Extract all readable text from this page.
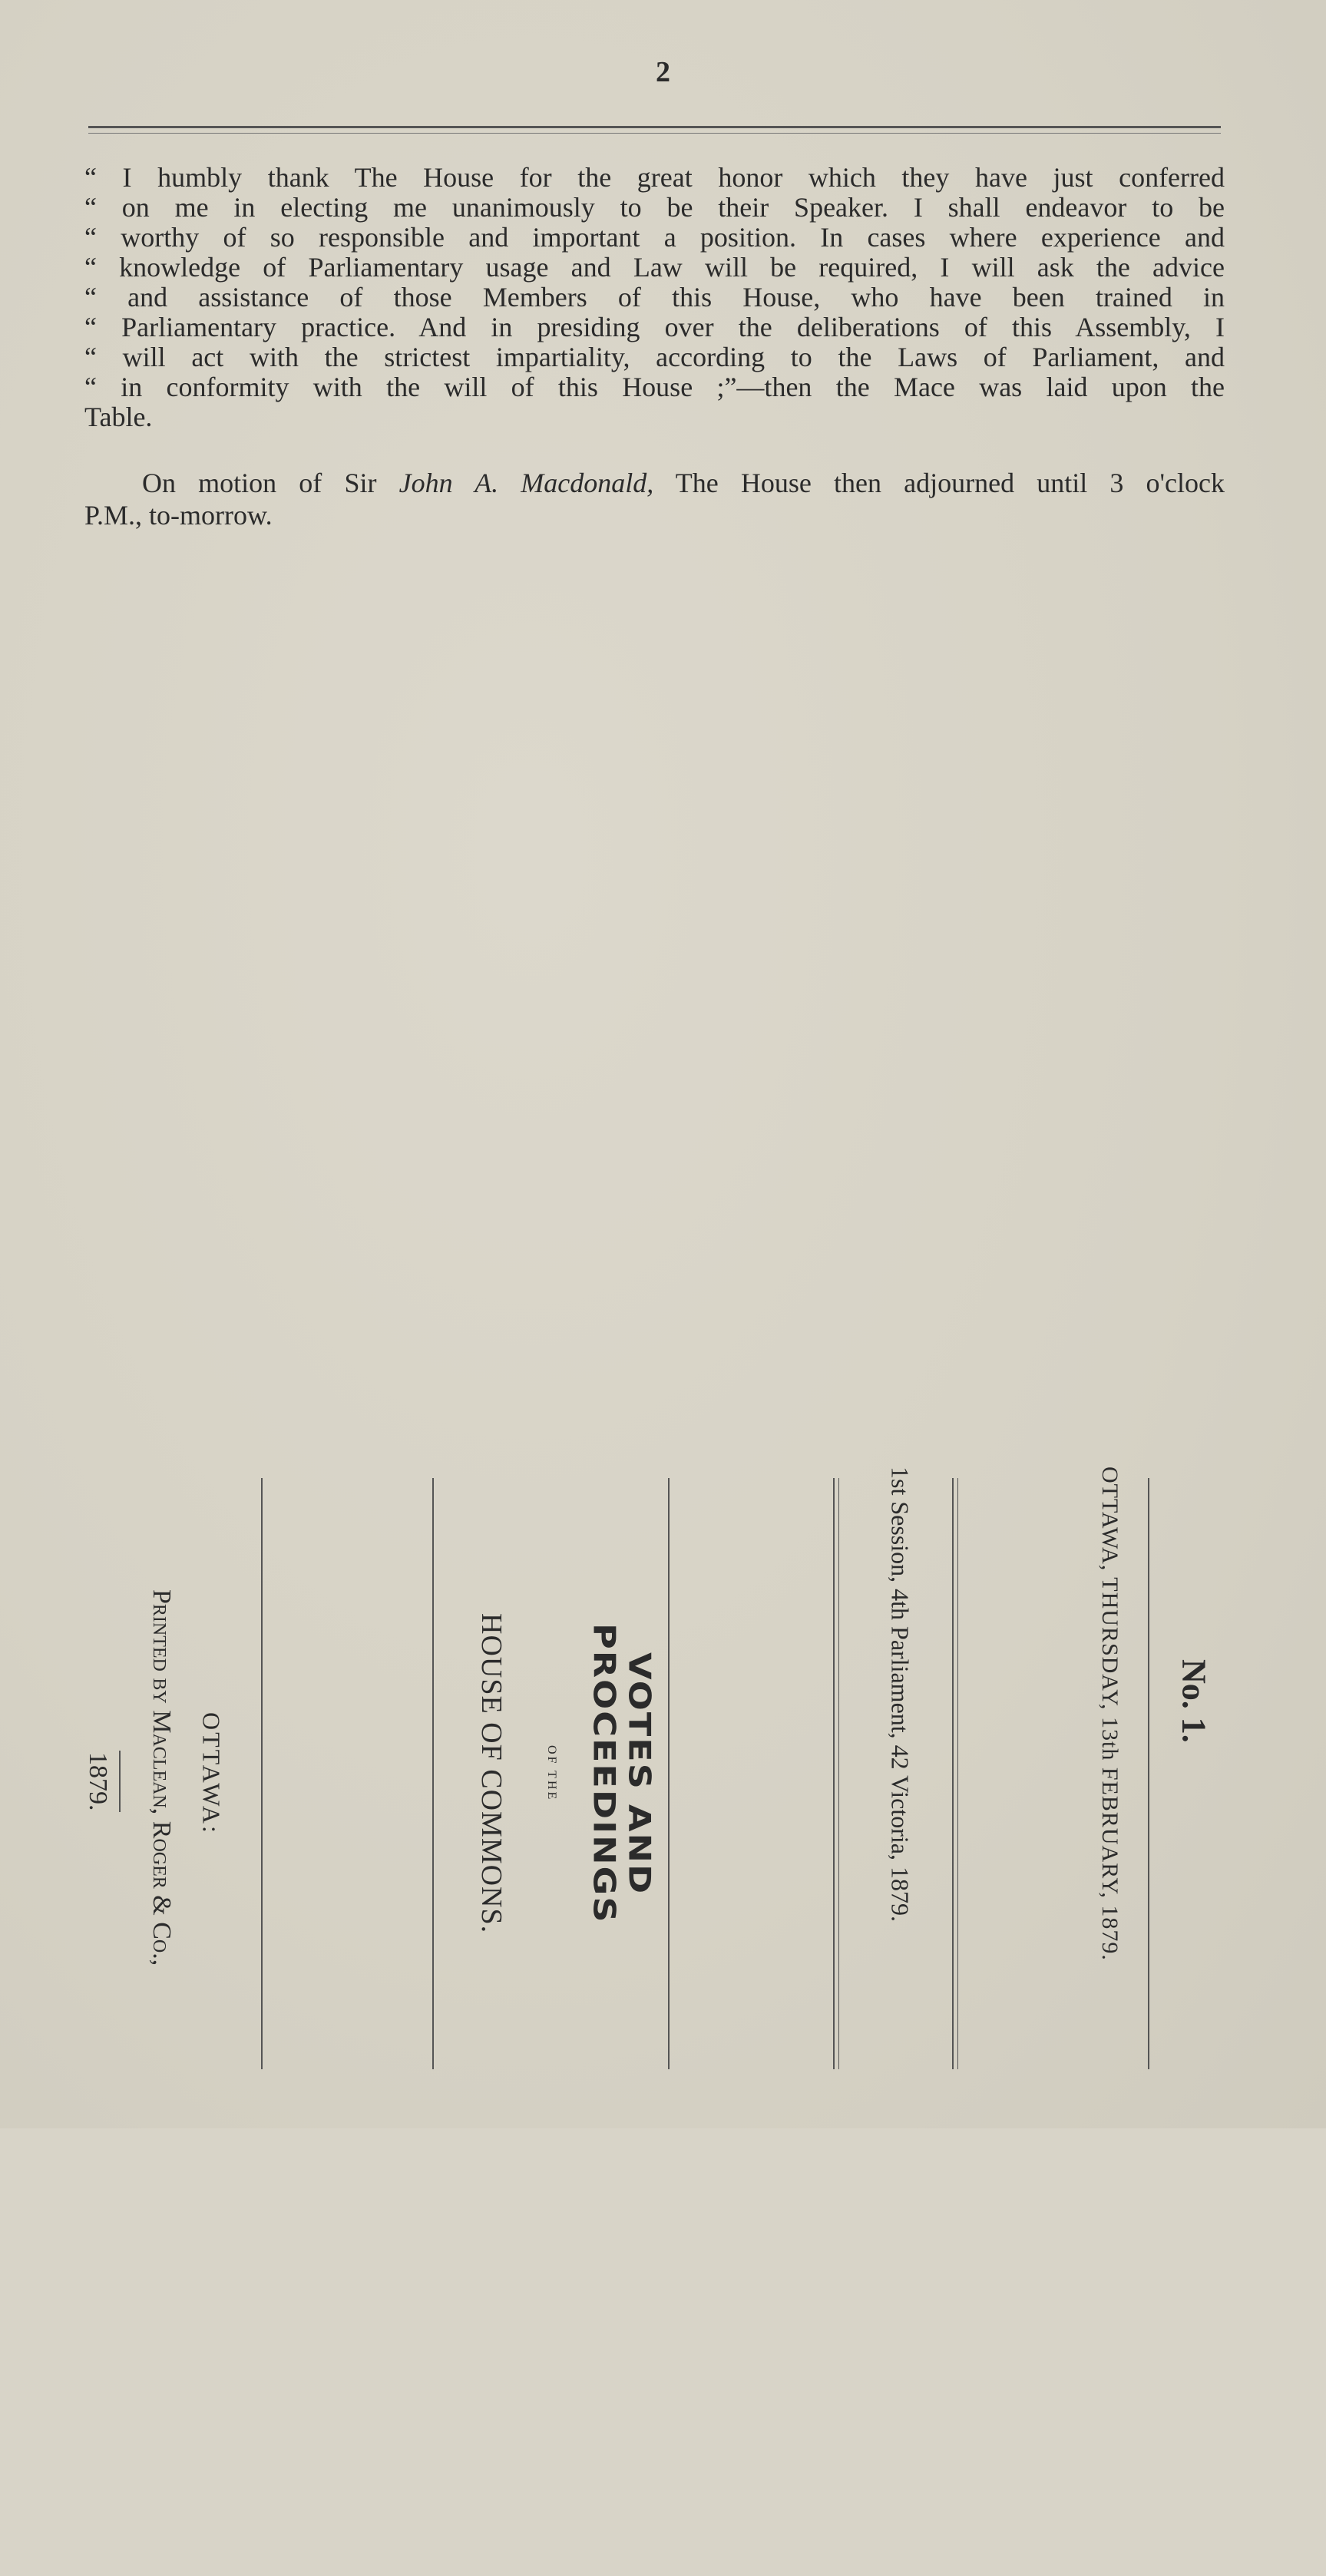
2
“ I humbly thank The House for the great honor which they have just conferred
“ on me in electing me unanimously to be their Speaker. I shall endeavor to be
“ worthy of so responsible and important a position. In cases where experience and
“ knowledge of Parliamentary usage and Law will be required, I will ask the advice
“ and assistance of those Members of this House, who have been trained in
“ Parliamentary practice. And in presiding over the deliberations of this Assembly, I
“ will act with the strictest impartiality, according to the Laws of Parliament, and
“ in conformity with the will of this House ;”—then the Mace was laid upon the
Table.
On motion of Sir John A. Macdonald, The House then adjourned until 3 o'clock
P.M., to-morrow.
No. 1.
OTTAWA, THURSDAY, 13th FEBRUARY, 1879.
1st Session, 4th Parliament, 42 Victoria, 1879.
VOTES AND PROCEEDINGS
OF THE
HOUSE OF COMMONS.
OTTAWA:
Printed by Maclean, Roger & Co.,
1879.
